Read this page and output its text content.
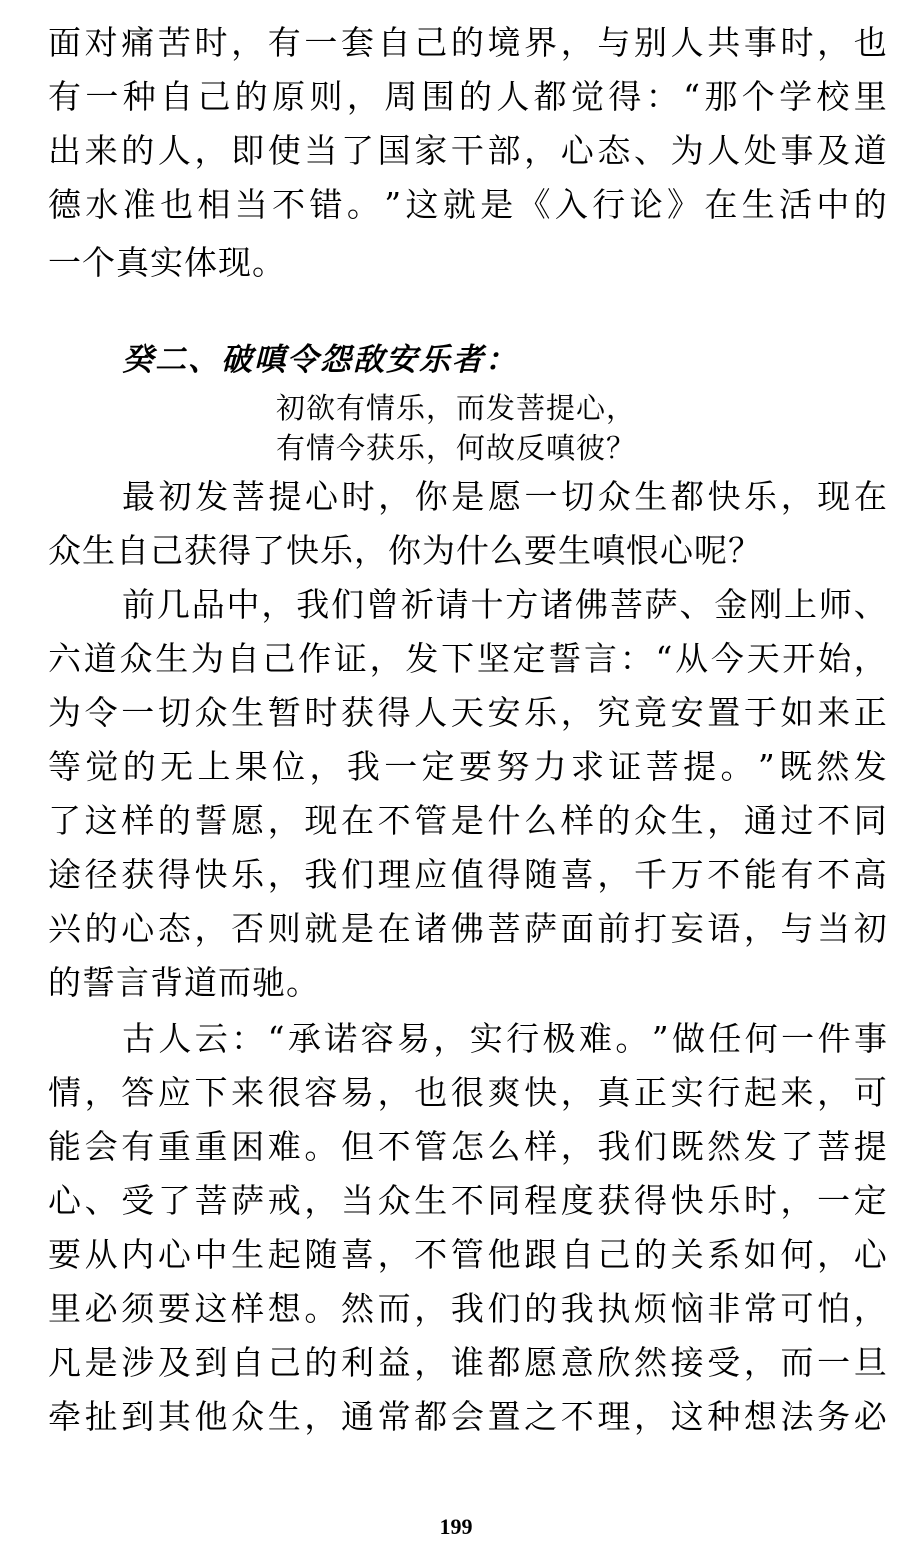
面 对 痛 苦 时 ， 有 一 套 自 己 的 境 界 ， 与 别 人 共 事 时 ， 也
有 一 种 自 己 的 原 则 ， 周 围 的 人 都 觉 得 ： “ 那 个 学 校 里
出 来 的 人 ， 即 使 当 了 国 家 干 部 ， 心 态 、 为 人 处 事 及 道
德 水 准 也 相 当 不 错 。 ” 这 就 是 《 入 行 论 》 在 生 活 中 的
一个真实体现。
癸二、破嗔令怨敌安乐者：
初欲有情乐，而发菩提心，
有情今获乐，何故反嗔彼？
最 初 发 菩 提 心 时 ， 你 是 愿 一 切 众 生 都 快 乐 ， 现 在
众生自己获得了快乐，你为什么要生嗔恨心呢？
前 几 品 中 ， 我 们 曾 祈 请 十 方 诸 佛 菩 萨 、 金 刚 上 师 、
六 道 众 生 为 自 己 作 证 ， 发 下 坚 定 誓 言 ： “ 从 今 天 开 始 ，
为 令 一 切 众 生 暂 时 获 得 人 天 安 乐 ， 究 竟 安 置 于 如 来 正
等 觉 的 无 上 果 位 ， 我 一 定 要 努 力 求 证 菩 提 。 ” 既 然 发
了 这 样 的 誓 愿 ， 现 在 不 管 是 什 么 样 的 众 生 ， 通 过 不 同
途 径 获 得 快 乐 ， 我 们 理 应 值 得 随 喜 ， 千 万 不 能 有 不 高
兴 的 心 态 ， 否 则 就 是 在 诸 佛 菩 萨 面 前 打 妄 语 ， 与 当 初
的誓言背道而驰。
古 人 云 ： “ 承 诺 容 易 ， 实 行 极 难 。 ” 做 任 何 一 件 事
情 ， 答 应 下 来 很 容 易 ， 也 很 爽 快 ， 真 正 实 行 起 来 ， 可
能 会 有 重 重 困 难 。 但 不 管 怎 么 样 ， 我 们 既 然 发 了 菩 提
心 、 受 了 菩 萨 戒 ， 当 众 生 不 同 程 度 获 得 快 乐 时 ， 一 定
要 从 内 心 中 生 起 随 喜 ， 不 管 他 跟 自 己 的 关 系 如 何 ， 心
里 必 须 要 这 样 想 。 然 而 ， 我 们 的 我 执 烦 恼 非 常 可 怕 ，
凡 是 涉 及 到 自 己 的 利 益 ， 谁 都 愿 意 欣 然 接 受 ， 而 一 旦
牵 扯 到 其 他 众 生 ， 通 常 都 会 置 之 不 理 ， 这 种 想 法 务 必
199
